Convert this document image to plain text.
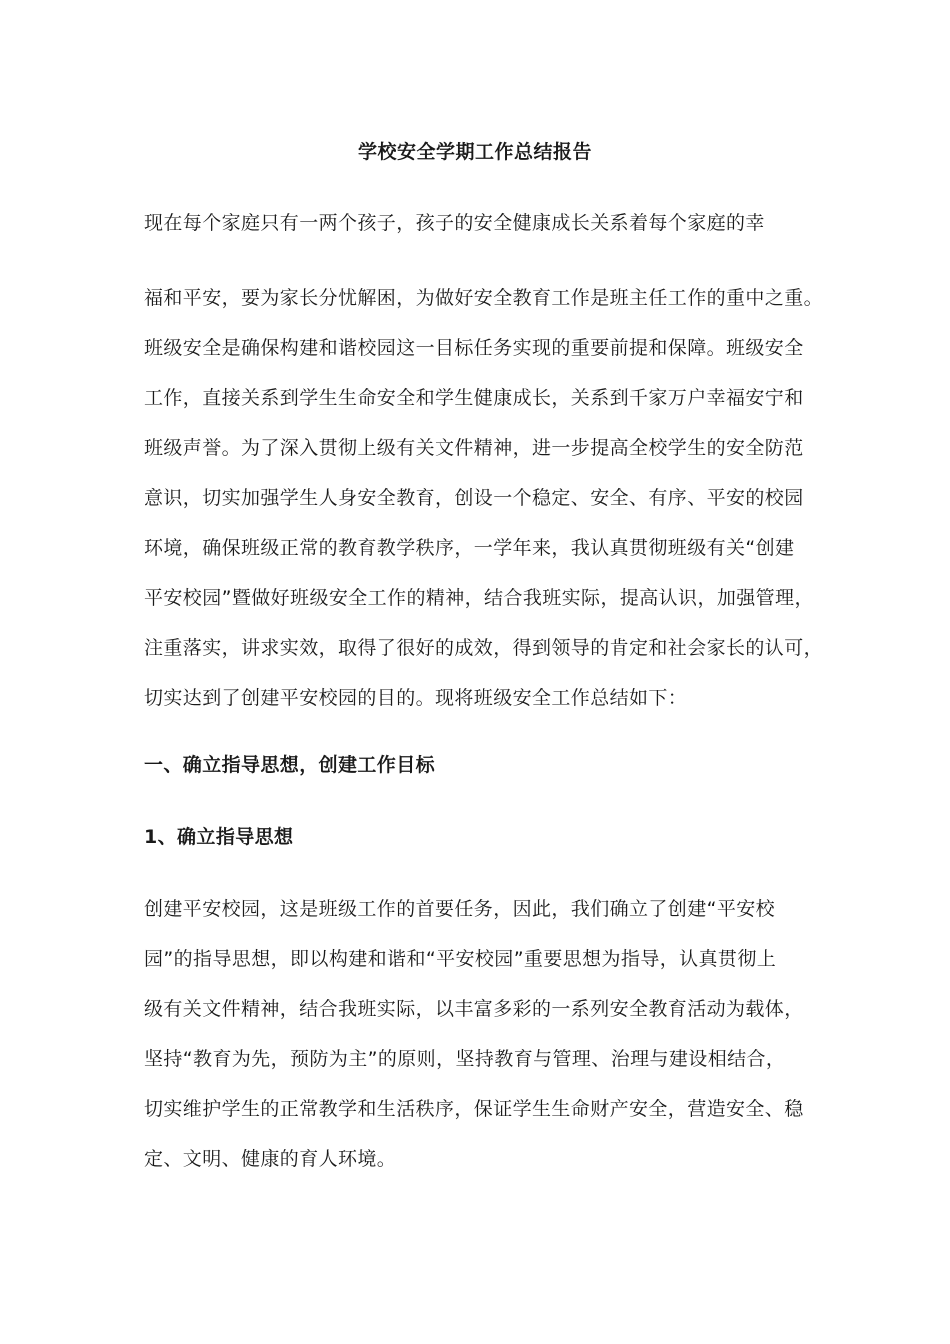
学校安全学期工作总结报告
现在每个家庭只有一两个孩子，孩子的安全健康成长关系着每个家庭的幸
福和平安，要为家长分忧解困，为做好安全教育工作是班主任工作的重中之重。
班级安全是确保构建和谐校园这一目标任务实现的重要前提和保障。班级安全
工作，直接关系到学生生命安全和学生健康成长，关系到千家万户幸福安宁和
班级声誉。为了深入贯彻上级有关文件精神，进一步提高全校学生的安全防范
意识，切实加强学生人身安全教育，创设一个稳定、安全、有序、平安的校园
环境，确保班级正常的教育教学秩序，一学年来，我认真贯彻班级有关“创建
平安校园”暨做好班级安全工作的精神，结合我班实际，提高认识，加强管理，
注重落实，讲求实效，取得了很好的成效，得到领导的肯定和社会家长的认可，
切实达到了创建平安校园的目的。现将班级安全工作总结如下：
一、确立指导思想，创建工作目标
1、确立指导思想
创建平安校园，这是班级工作的首要任务，因此，我们确立了创建“平安校
园”的指导思想，即以构建和谐和“平安校园”重要思想为指导，认真贯彻上
级有关文件精神，结合我班实际，以丰富多彩的一系列安全教育活动为载体，
坚持“教育为先，预防为主”的原则，坚持教育与管理、治理与建设相结合，
切实维护学生的正常教学和生活秩序，保证学生生命财产安全，营造安全、稳
定、文明、健康的育人环境。
